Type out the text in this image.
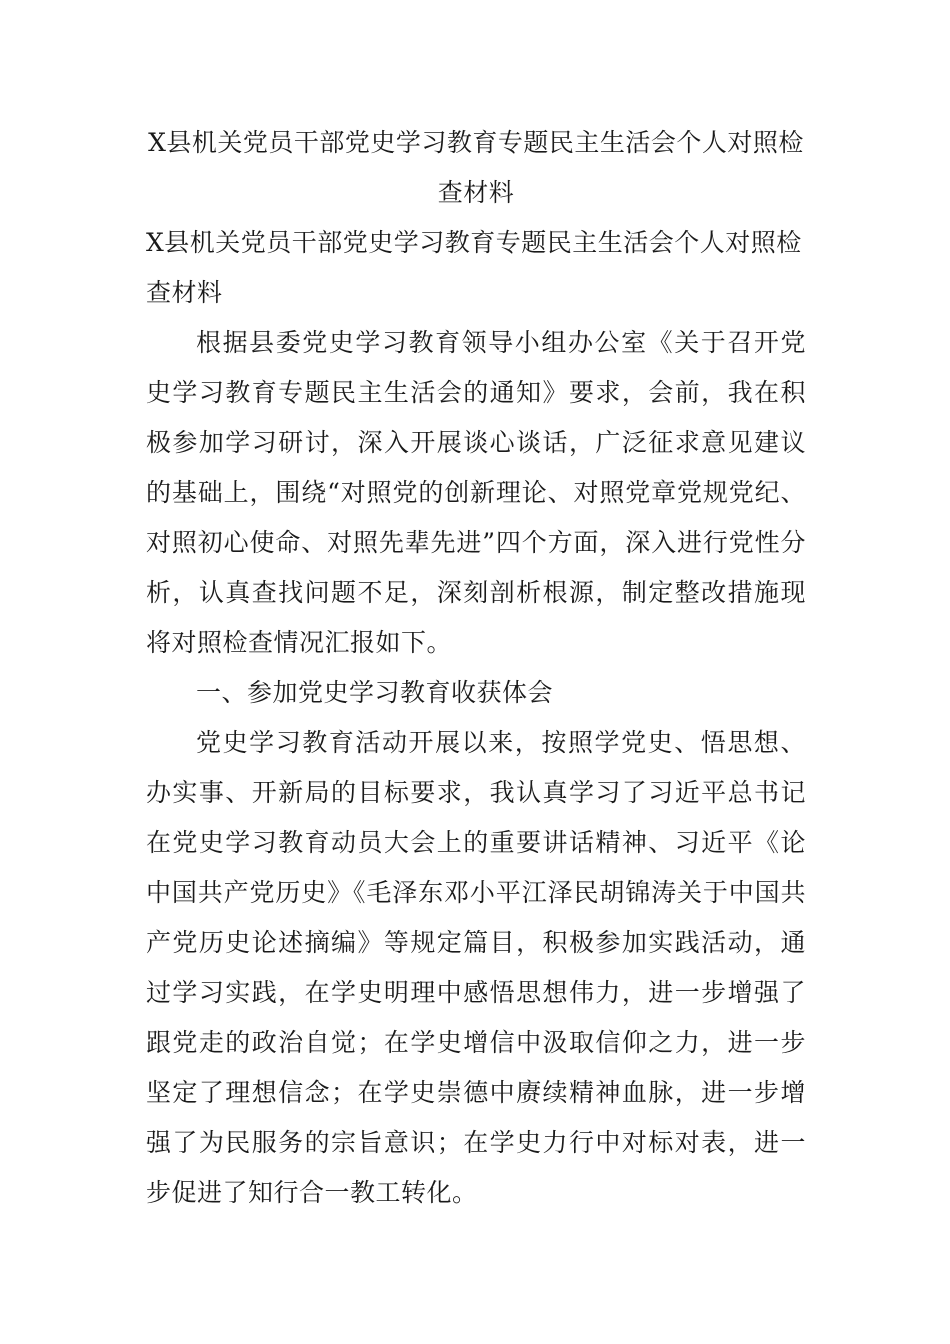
X县机关党员干部党史学习教育专题民主生活会个人对照检查材料

X县机关党员干部党史学习教育专题民主生活会个人对照检查材料

根据县委党史学习教育领导小组办公室《关于召开党史学习教育专题民主生活会的通知》要求，会前，我在积极参加学习研讨，深入开展谈心谈话，广泛征求意见建议的基础上，围绕“对照党的创新理论、对照党章党规党纪、对照初心使命、对照先辈先进”四个方面，深入进行党性分析，认真查找问题不足，深刻剖析根源，制定整改措施现将对照检查情况汇报如下。

一、参加党史学习教育收获体会

党史学习教育活动开展以来，按照学党史、悟思想、办实事、开新局的目标要求，我认真学习了习近平总书记在党史学习教育动员大会上的重要讲话精神、习近平《论中国共产党历史》《毛泽东邓小平江泽民胡锦涛关于中国共产党历史论述摘编》等规定篇目，积极参加实践活动，通过学习实践，在学史明理中感悟思想伟力，进一步增强了跟党走的政治自觉；在学史增信中汲取信仰之力，进一步坚定了理想信念；在学史崇德中赓续精神血脉，进一步增强了为民服务的宗旨意识；在学史力行中对标对表，进一步促进了知行合一教工转化。
